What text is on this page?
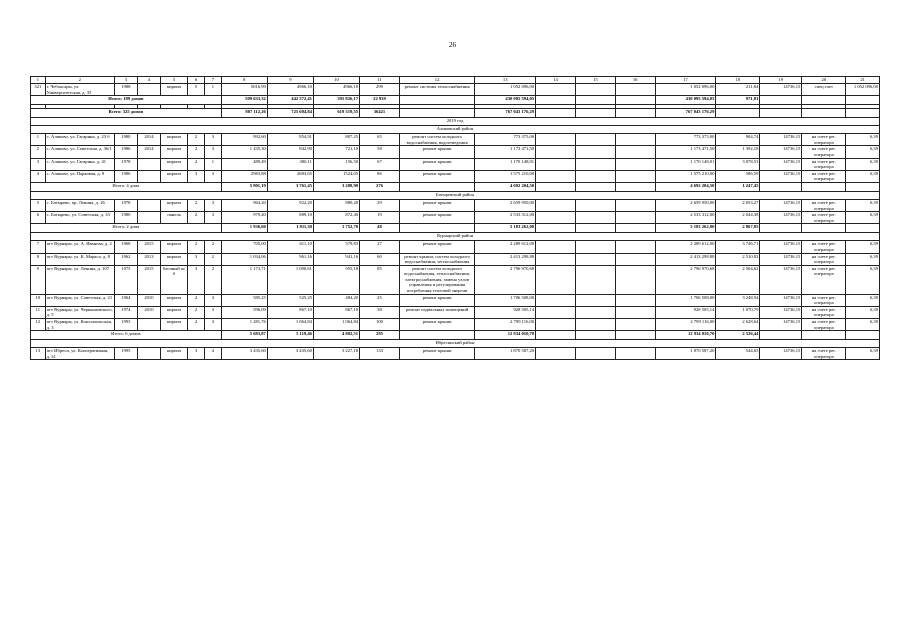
26
1	2	3	4	5	6	7	8	9	10	11	12	13	14	15	16	17	18	19	20	21
321	г. Чебоксары, ул. Университетская, д. 35	1988		кирпич	5	1	5016,99	4966,10	4966,10	299	ремонт системы теплоснабжения	1 052 096,00				1 052 096,00	211,84	14736,15	спец.счет	1 052 096,00
Итого: 189 домов							509 633,32	442 572,41	395 826,17	22 939		430 095 594,05				430 095 594,05	971,81			

Всего: 325 домов							807 112,26	725 604,84	619 319,55	36421		767 043 176,29				767 043 176,29				
2019 год																				
Аликовский район																				
1	с. Аликово, ул. Гагарина, д. 23 б	1980	2014	кирпич	2	3	992,60	854,91	807,25	65	ремонт систем холодного водоснабжения, водоотведения	773 375,00				773 375,00	904,74	14736,15	на счете рег. оператора	6,39
2	с. Аликово, ул. Советская, д. 36/1	1986	2014	кирпич	2	3	1 435,30	842,90	721,10	58	ремонт крыши	1 173 471,50				1 173 471,50	1 392,18	14736,15	на счете рег. оператора	6,39
3	с. Аликово, ул. Гагарина, д. 41	1978		кирпич	2	1	489,49	380,11	156,50	67	ремонт крыши	1 170 148,01				1 170 148,01	3 078,53	14736,15	на счете рег. оператора	6,39
4	с. Аликово, ул. Парковая, д. 9	1986		кирпич	3	3	2983,88	2683,65	1524,05	86	ремонт крыши	1 575 210,00				1 575 210,00	586,59	14736,15	на счете рег. оператора	6,39
Итого: 4 дома							5 901,19	3 761,45	3 208,90	276		4 692 204,50				4 692 204,50	1 247,45			
Батыревский район																				
5	с. Батырево, пр. Ленина, д. 26	1978		кирпич	2	3	964,20	922,20	880,20	29	ремонт крыши	2 659 950,00				2 659 950,00	2 053,27	14736,15	на счете рег. оператора	6,39
6	с. Батырево, ул. Советская, д. 33	1980		панель	2	3	979,40	889,10	872,40	19	ремонт крыши	2 533 312,00				2 533 312,00	2 044,38	14736,15	на счете рег. оператора	6,39
Итого: 2 дома							1 936,60	1 811,30	1 752,70	48		5 183 262,00				5 183 262,00	2 867,85			
Вурнарский район																				
7	пгт Вурнары, ул. А. Иванова, д. 2	1968	2015	кирпич	2	2	705,00	611,10	579,83	27	ремонт крыши	2 289 612,00				2 289 612,00	3 746,71	14736,15	на счете рег. оператора	6,39
8	пгт Вурнары, ул. К. Маркса, д. 8	1962	2013	кирпич	3	2	1 034,06	961,16	941,16	60	ремонт крыши, систем холодного водоснабжения, теплоснабжения	2 413 298,88				2 413 298,88	2 510,82	14736,15	на счете рег. оператора	6,39
9	пгт Вурнары, ул. Ленина, д. 107	1975	2015	блочный ж/б	3	2	1 173,71	1 090,61	955,18	85	ремонт систем холодного водоснабжения, теплоснабжения, электроснабжения, замена узлов управления и регулирования потребления тепловой энергии	2 796 970,68				2 796 970,68	2 564,62	14736,15	на счете рег. оператора	6,39
10	пгт Вурнары, ул. Советская, д. 21	1964	2010	кирпич	2	3	585,25	525,25	484,20	25	ремонт крыши	1 706 508,00				1 706 508,00	3 248,94	14736,15	на счете рег. оператора	6,39
11	пгт Вурнары, ул. Чернышевского, д. 5	1974	2010	кирпич	2	3	596,09	867,10	867,10	38	ремонт подвальных помещений	928 505,14				928 505,14	1 070,79	14736,15	на счете рег. оператора	6,39
12	пгт Вурнары, ул. Комсомольская, д. 3	1993		кирпич	2	3	1 281,76	1 064,84	1 064,84	100	ремонт крыши	2 799 116,00				2 799 116,00	2 628,64	14736,15	на счете рег. оператора	6,39
Итого: 6 домов							5 683,87	5 119,46	4 802,51	295		12 934 010,70				12 934 010,70	2 526,44			
Ибресинский район																				
13	пгт Ибреси, ул. Кооперативная, д. 31	1995		кирпич	3	4	3 435,60	3 435,60	3 227,18	133	ремонт крыши	1 870 587,20				1 870 587,20	544,65	14736,15	на счете рег. оператора	6,39
